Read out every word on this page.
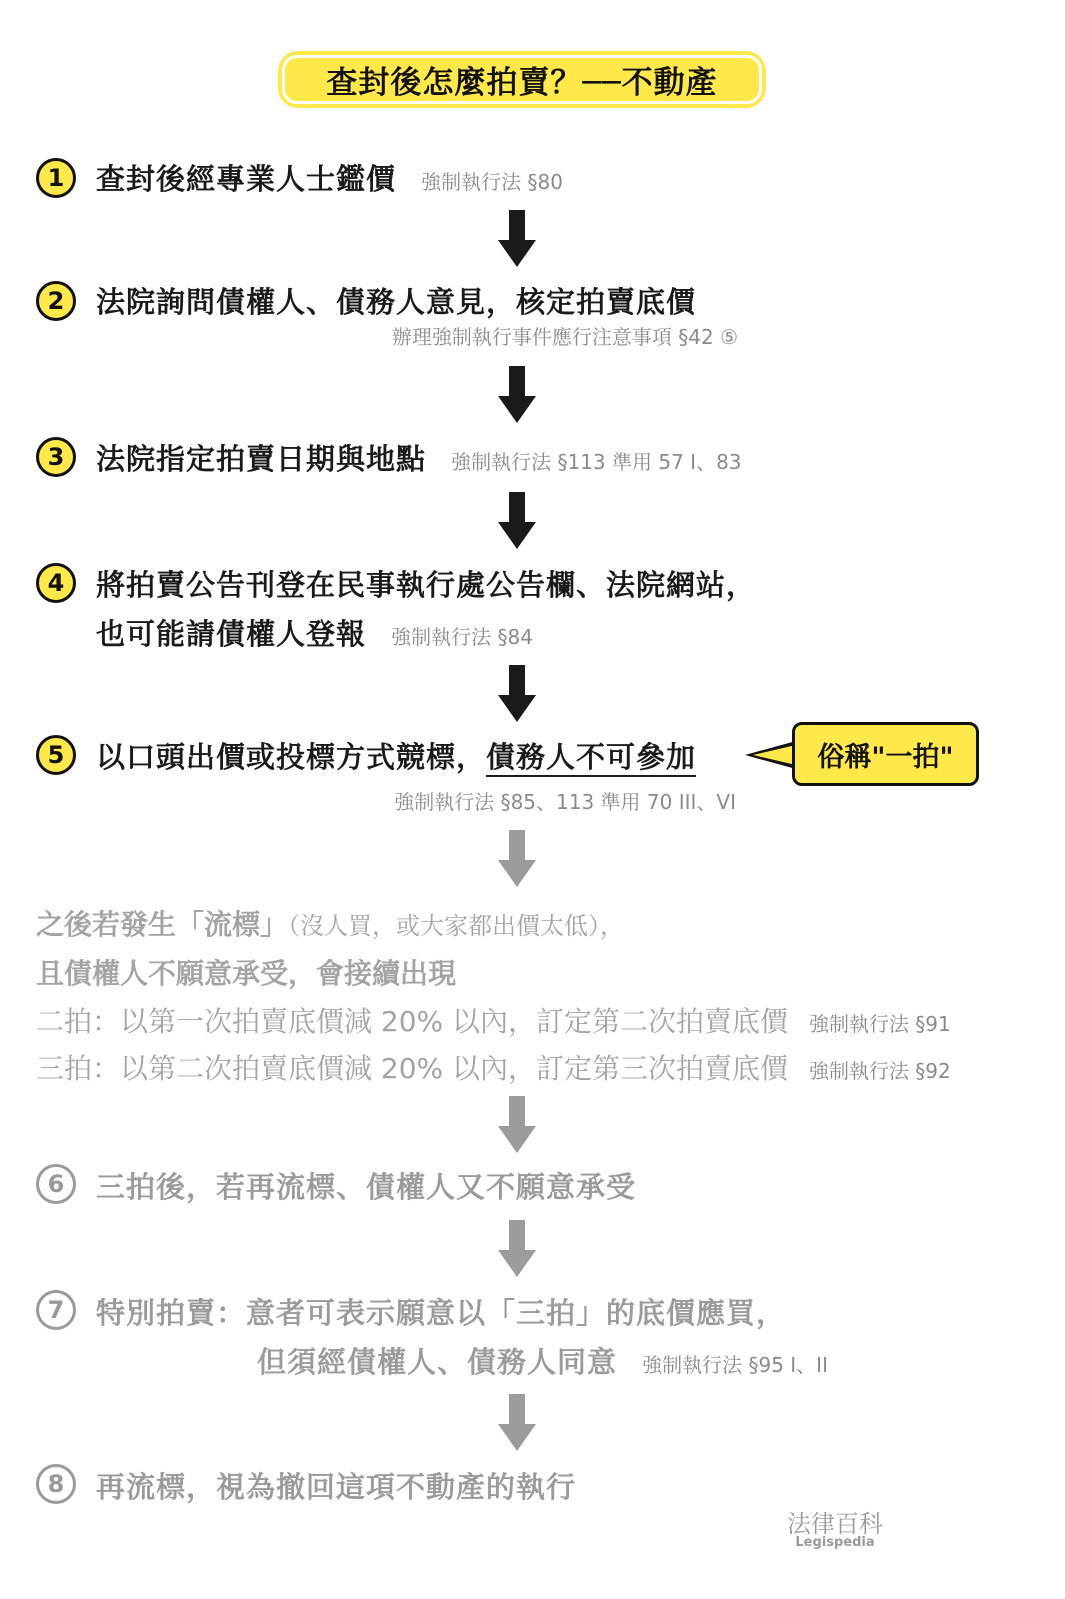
查封後怎麼拍賣？──不動產
1	查封後經專業人士鑑價 強制執行法 §80
2	法院詢問債權人、債務人意見，核定拍賣底價
辦理強制執行事件應行注意事項 §42 ⑤
3	法院指定拍賣日期與地點 強制執行法 §113 準用 57 I、83
4	將拍賣公告刊登在民事執行處公告欄、法院網站，
也可能請債權人登報 強制執行法 §84
5	以口頭出價或投標方式競標，債務人不可參加
強制執行法 §85、113 準用 70 III、VI
俗稱"一拍"
之後若發生「流標」（沒人買，或大家都出價太低），
且債權人不願意承受，會接續出現
二拍：以第一次拍賣底價減 20% 以內，訂定第二次拍賣底價 強制執行法 §91
三拍：以第二次拍賣底價減 20% 以內，訂定第三次拍賣底價 強制執行法 §92
6	三拍後，若再流標、債權人又不願意承受
7	特別拍賣：意者可表示願意以「三拍」的底價應買，
但須經債權人、債務人同意 強制執行法 §95 I、II
8	再流標，視為撤回這項不動產的執行
法律百科
Legispedia
